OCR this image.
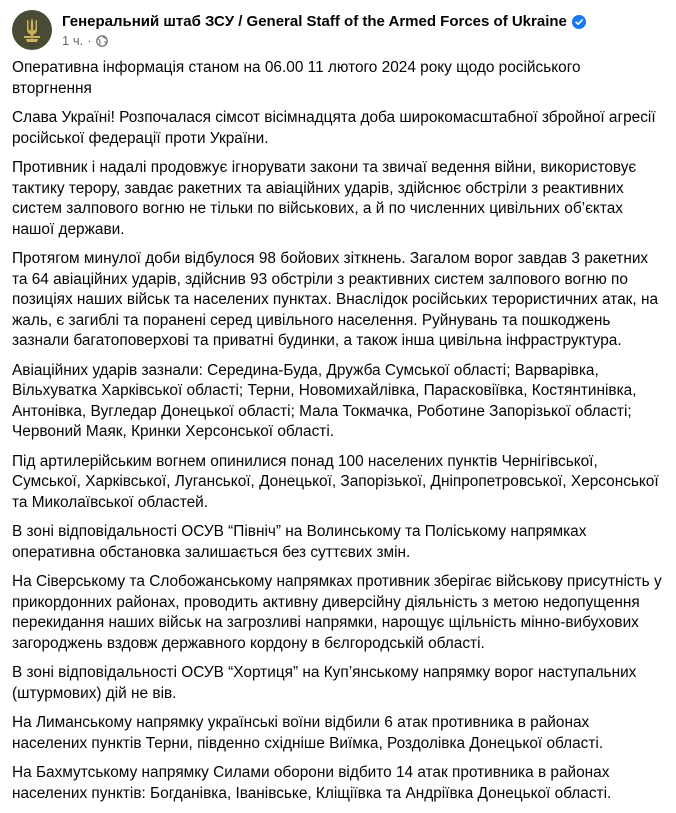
Генеральний штаб ЗСУ / General Staff of the Armed Forces of Ukraine
1 ч. ·

Оперативна інформація станом на 06.00 11 лютого 2024 року щодо російського вторгнення

Слава Україні! Розпочалася сімсот вісімнадцята доба широкомасштабної збройної агресії російської федерації проти України.

Противник і надалі продовжує ігнорувати закони та звичаї ведення війни, використовує тактику терору, завдає ракетних та авіаційних ударів, здійснює обстріли з реактивних систем залпового вогню не тільки по військових, а й по численних цивільних об’єктах нашої держави.

Протягом минулої доби відбулося 98 бойових зіткнень. Загалом ворог завдав 3 ракетних та 64 авіаційних ударів, здійснив 93 обстріли з реактивних систем залпового вогню по позиціях наших військ та населених пунктах. Внаслідок російських терористичних атак, на жаль, є загиблі та поранені серед цивільного населення. Руйнувань та пошкоджень зазнали багатоповерхові та приватні будинки, а також інша цивільна інфраструктура.

Авіаційних ударів зазнали: Середина-Буда, Дружба Сумської області; Варварівка, Вільхуватка Харківської області; Терни, Новомихайлівка, Парасковіївка, Костянтинівка, Антонівка, Вугледар Донецької області; Мала Токмачка, Роботине Запорізької області; Червоний Маяк, Кринки Херсонської області.

Під артилерійським вогнем опинилися понад 100 населених пунктів Чернігівської, Сумської, Харківської, Луганської, Донецької, Запорізької, Дніпропетровської, Херсонської та Миколаївської областей.

В зоні відповідальності ОСУВ “Північ” на Волинському та Поліському напрямках оперативна обстановка залишається без суттєвих змін.

На Сіверському та Слобожанському напрямках противник зберігає військову присутність у прикордонних районах, проводить активну диверсійну діяльність з метою недопущення перекидання наших військ на загрозливі напрямки, нарощує щільність мінно-вибухових загороджень вздовж державного кордону в бєлгородській області.

В зоні відповідальності ОСУВ “Хортиця” на Куп’янському напрямку ворог наступальних (штурмових) дій не вів.

На Лиманському напрямку українські воїни відбили 6 атак противника в районах населених пунктів Терни, південно східніше Виїмка, Роздолівка Донецької області.

На Бахмутському напрямку Силами оборони відбито 14 атак противника в районах населених пунктів: Богданівка, Іванівське, Кліщіївка та Андріївка Донецької області.
